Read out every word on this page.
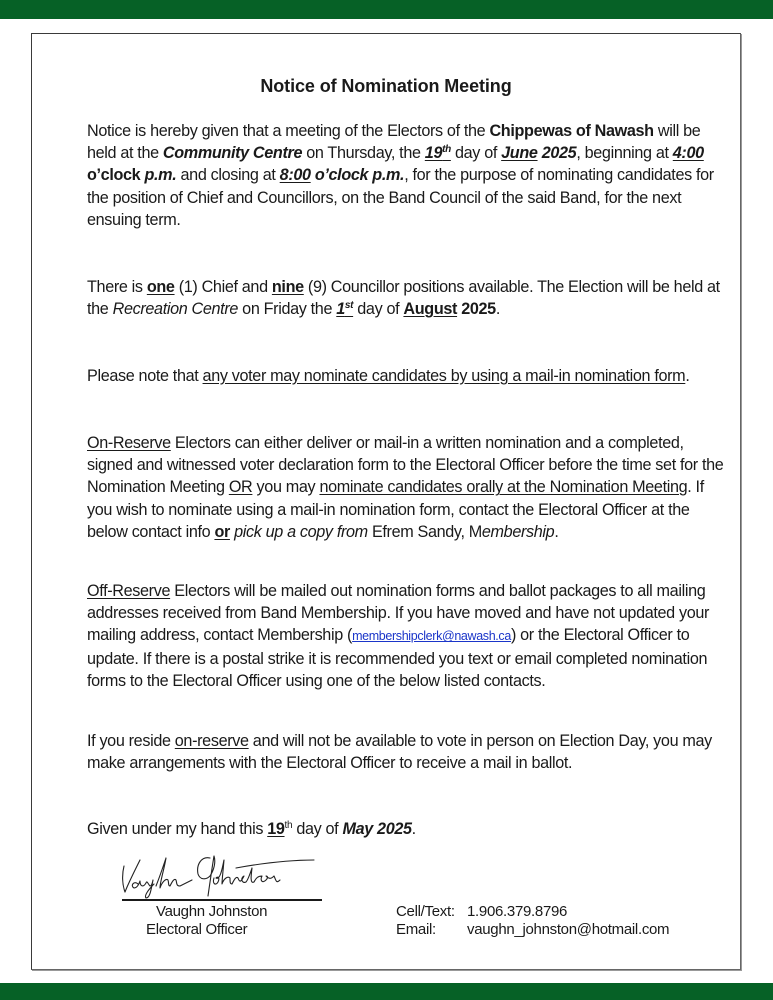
Notice of Nomination Meeting

Notice is hereby given that a meeting of the Electors of the Chippewas of Nawash will be held at the Community Centre on Thursday, the 19th day of June 2025, beginning at 4:00 o’clock p.m. and closing at 8:00 o’clock p.m., for the purpose of nominating candidates for the position of Chief and Councillors, on the Band Council of the said Band, for the next ensuing term.

There is one (1) Chief and nine (9) Councillor positions available. The Election will be held at the Recreation Centre on Friday the 1st day of August 2025.

Please note that any voter may nominate candidates by using a mail-in nomination form.

On-Reserve Electors can either deliver or mail-in a written nomination and a completed, signed and witnessed voter declaration form to the Electoral Officer before the time set for the Nomination Meeting OR you may nominate candidates orally at the Nomination Meeting. If you wish to nominate using a mail-in nomination form, contact the Electoral Officer at the below contact info or pick up a copy from Efrem Sandy, Membership.

Off-Reserve Electors will be mailed out nomination forms and ballot packages to all mailing addresses received from Band Membership. If you have moved and have not updated your mailing address, contact Membership (membershipclerk@nawash.ca) or the Electoral Officer to update. If there is a postal strike it is recommended you text or email completed nomination forms to the Electoral Officer using one of the below listed contacts.

If you reside on-reserve and will not be available to vote in person on Election Day, you may make arrangements with the Electoral Officer to receive a mail in ballot.

Given under my hand this 19th day of May 2025.

Vaughn Johnston
Electoral Officer
Cell/Text: 1.906.379.8796
Email: vaughn_johnston@hotmail.com
